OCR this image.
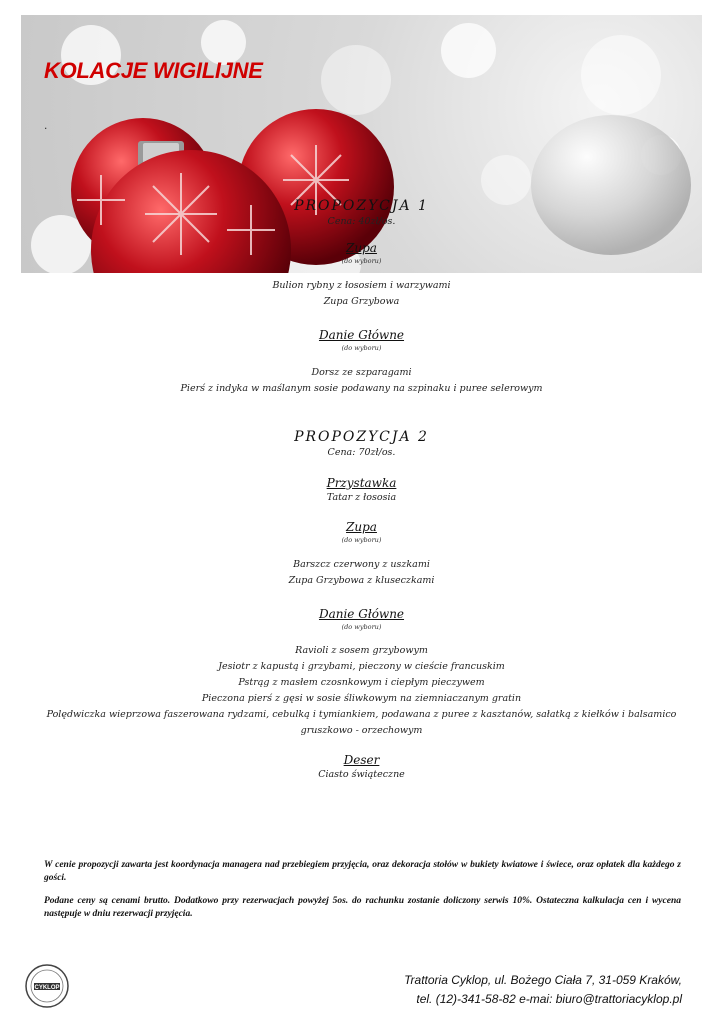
KOLACJE WIGILIJNE
.

PROPOZYCJA 1

Cena: 40zł/os.

Zupa

(do wyboru)

Bulion rybny z łososiem i warzywami

Zupa Grzybowa

Danie Główne

(do wyboru)

Dorsz ze szparagami

Pierś z indyka w maślanym sosie podawany na szpinaku i puree selerowym

PROPOZYCJA 2

Cena: 70zł/os.

Przystawka

Tatar z łososia

Zupa

(do wyboru)

Barszcz czerwony z uszkami

Zupa Grzybowa z kluseczkami

Danie Główne

(do wyboru)

Ravioli z sosem grzybowym

Jesiotr z kapustą i grzybami, pieczony w cieście francuskim

Pstrąg z masłem czosnkowym i ciepłym pieczywem

Pieczona pierś z gęsi w sosie śliwkowym na ziemniaczanym gratin

Polędwiczka wieprzowa faszerowana rydzami, cebulką i tymiankiem, podawana z puree z kasztanów, sałatką z kiełków i balsamico

gruszkowo - orzechowym

Deser

Ciasto świąteczne

W cenie propozycji zawarta jest koordynacja managera nad przebiegiem przyjęcia, oraz dekoracja stołów w bukiety kwiatowe i świece, oraz opłatek dla każdego z gości.

Podane ceny są cenami brutto. Dodatkowo przy rezerwacjach powyżej 5os. do rachunku zostanie doliczony serwis 10%. Ostateczna kalkulacja cen i wycena następuje w dniu rezerwacji przyjęcia.

CYKLOP
Trattoria Cyklop, ul. Bożego Ciała 7, 31-059 Kraków,
tel. (12)-341-58-82 e-mai: biuro@trattoriacyklop.pl
